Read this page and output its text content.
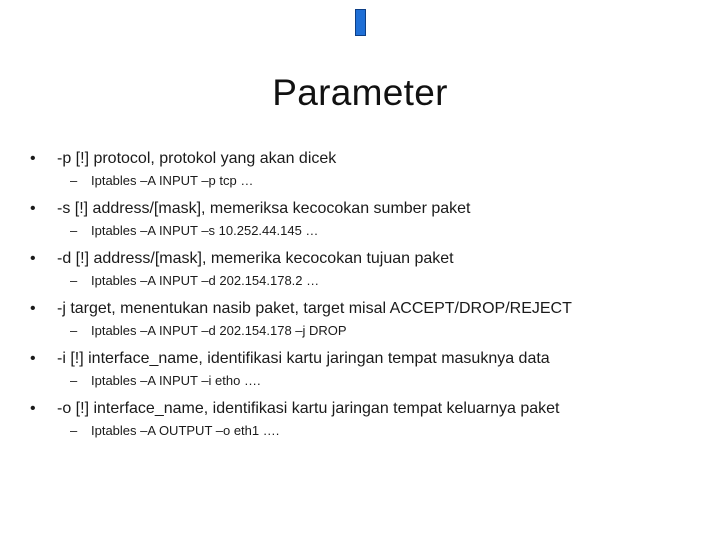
Parameter
• -p [!] protocol, protokol yang akan dicek
– Iptables –A INPUT –p tcp …
• -s [!] address/[mask], memeriksa kecocokan sumber paket
– Iptables –A INPUT –s 10.252.44.145 …
• -d [!] address/[mask], memerika kecocokan tujuan paket
– Iptables –A INPUT –d 202.154.178.2 …
• -j target, menentukan nasib paket, target misal ACCEPT/DROP/REJECT
– Iptables –A INPUT –d 202.154.178 –j DROP
• -i [!] interface_name, identifikasi kartu jaringan tempat masuknya data
– Iptables –A INPUT –i etho ….
• -o [!] interface_name, identifikasi kartu jaringan tempat keluarnya paket
– Iptables –A OUTPUT –o eth1 ….
